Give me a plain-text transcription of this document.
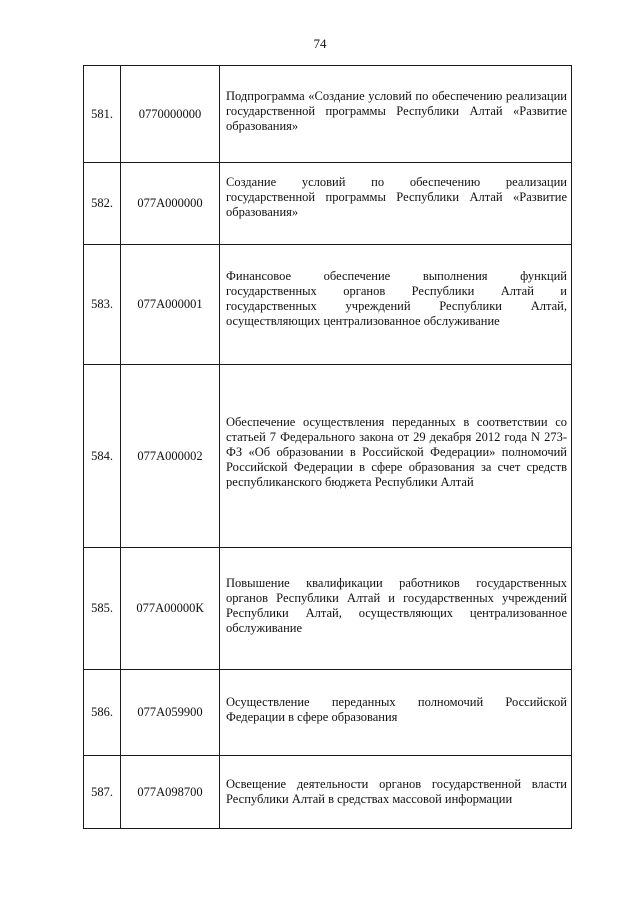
74
581.	0770000000	Подпрограмма «Создание условий по обеспечению реализации государственной программы Республики Алтай «Развитие образования»

582.	077А000000	Создание условий по обеспечению реализации государственной программы Республики Алтай «Развитие образования»

583.	077А000001	Финансовое обеспечение выполнения функций государственных органов Республики Алтай и государственных учреждений Республики Алтай, осуществляющих централизованное обслуживание

584.	077А000002	Обеспечение осуществления переданных в соответствии со статьей 7 Федерального закона от 29 декабря 2012 года N 273-ФЗ «Об образовании в Российской Федерации» полномочий Российской Федерации в сфере образования за счет средств республиканского бюджета Республики Алтай

585.	077А00000К	Повышение квалификации работников государственных органов Республики Алтай и государственных учреждений Республики Алтай, осуществляющих централизованное обслуживание

586.	077А059900	Осуществление переданных полномочий Российской Федерации в сфере образования

587.	077А098700	Освещение деятельности органов государственной власти Республики Алтай в средствах массовой информации
